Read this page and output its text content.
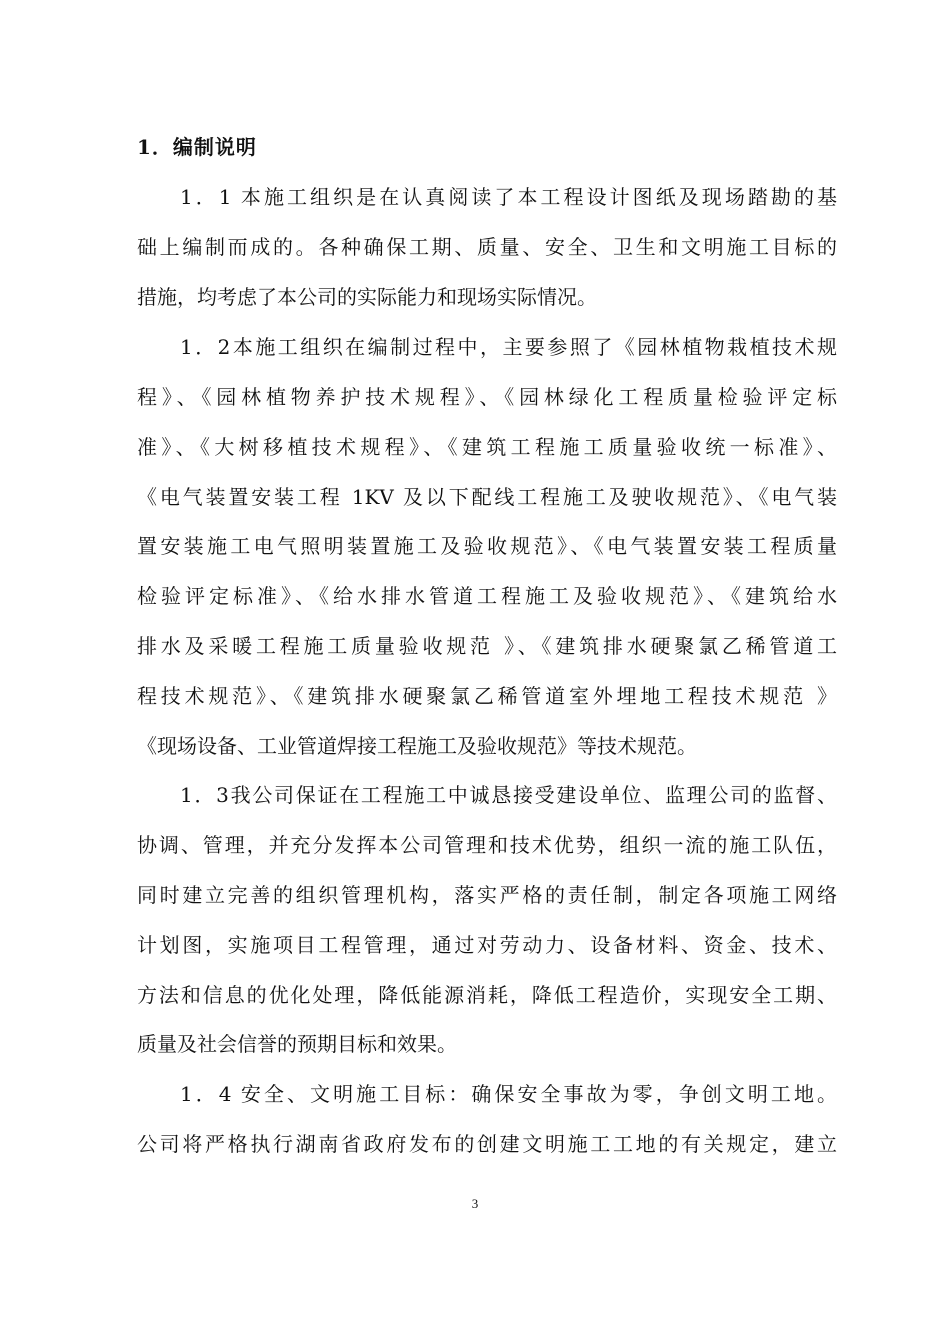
1．编制说明
1．1 本施工组织是在认真阅读了本工程设计图纸及现场踏勘的基
础上编制而成的。各种确保工期、质量、安全、卫生和文明施工目标的
措施，均考虑了本公司的实际能力和现场实际情况。
1．2本施工组织在编制过程中，主要参照了《园林植物栽植技术规
程》、《园林植物养护技术规程》、《园林绿化工程质量检验评定标
准》、《大树移植技术规程》、《建筑工程施工质量验收统一标准》、
《电气装置安装工程 1KV 及以下配线工程施工及驶收规范》、《电气装
置安装施工电气照明装置施工及验收规范》、《电气装置安装工程质量
检验评定标准》、《给水排水管道工程施工及验收规范》、《建筑给水
排水及采暖工程施工质量验收规范 》、《建筑排水硬聚氯乙稀管道工
程技术规范》、《建筑排水硬聚氯乙稀管道室外埋地工程技术规范 》
《现场设备、工业管道焊接工程施工及验收规范》等技术规范。
1．3我公司保证在工程施工中诚恳接受建设单位、监理公司的监督、
协调、管理，并充分发挥本公司管理和技术优势，组织一流的施工队伍，
同时建立完善的组织管理机构，落实严格的责任制，制定各项施工网络
计划图，实施项目工程管理，通过对劳动力、设备材料、资金、技术、
方法和信息的优化处理，降低能源消耗，降低工程造价，实现安全工期、
质量及社会信誉的预期目标和效果。
1．4 安全、文明施工目标：确保安全事故为零，争创文明工地。
公司将严格执行湖南省政府发布的创建文明施工工地的有关规定，建立
3
